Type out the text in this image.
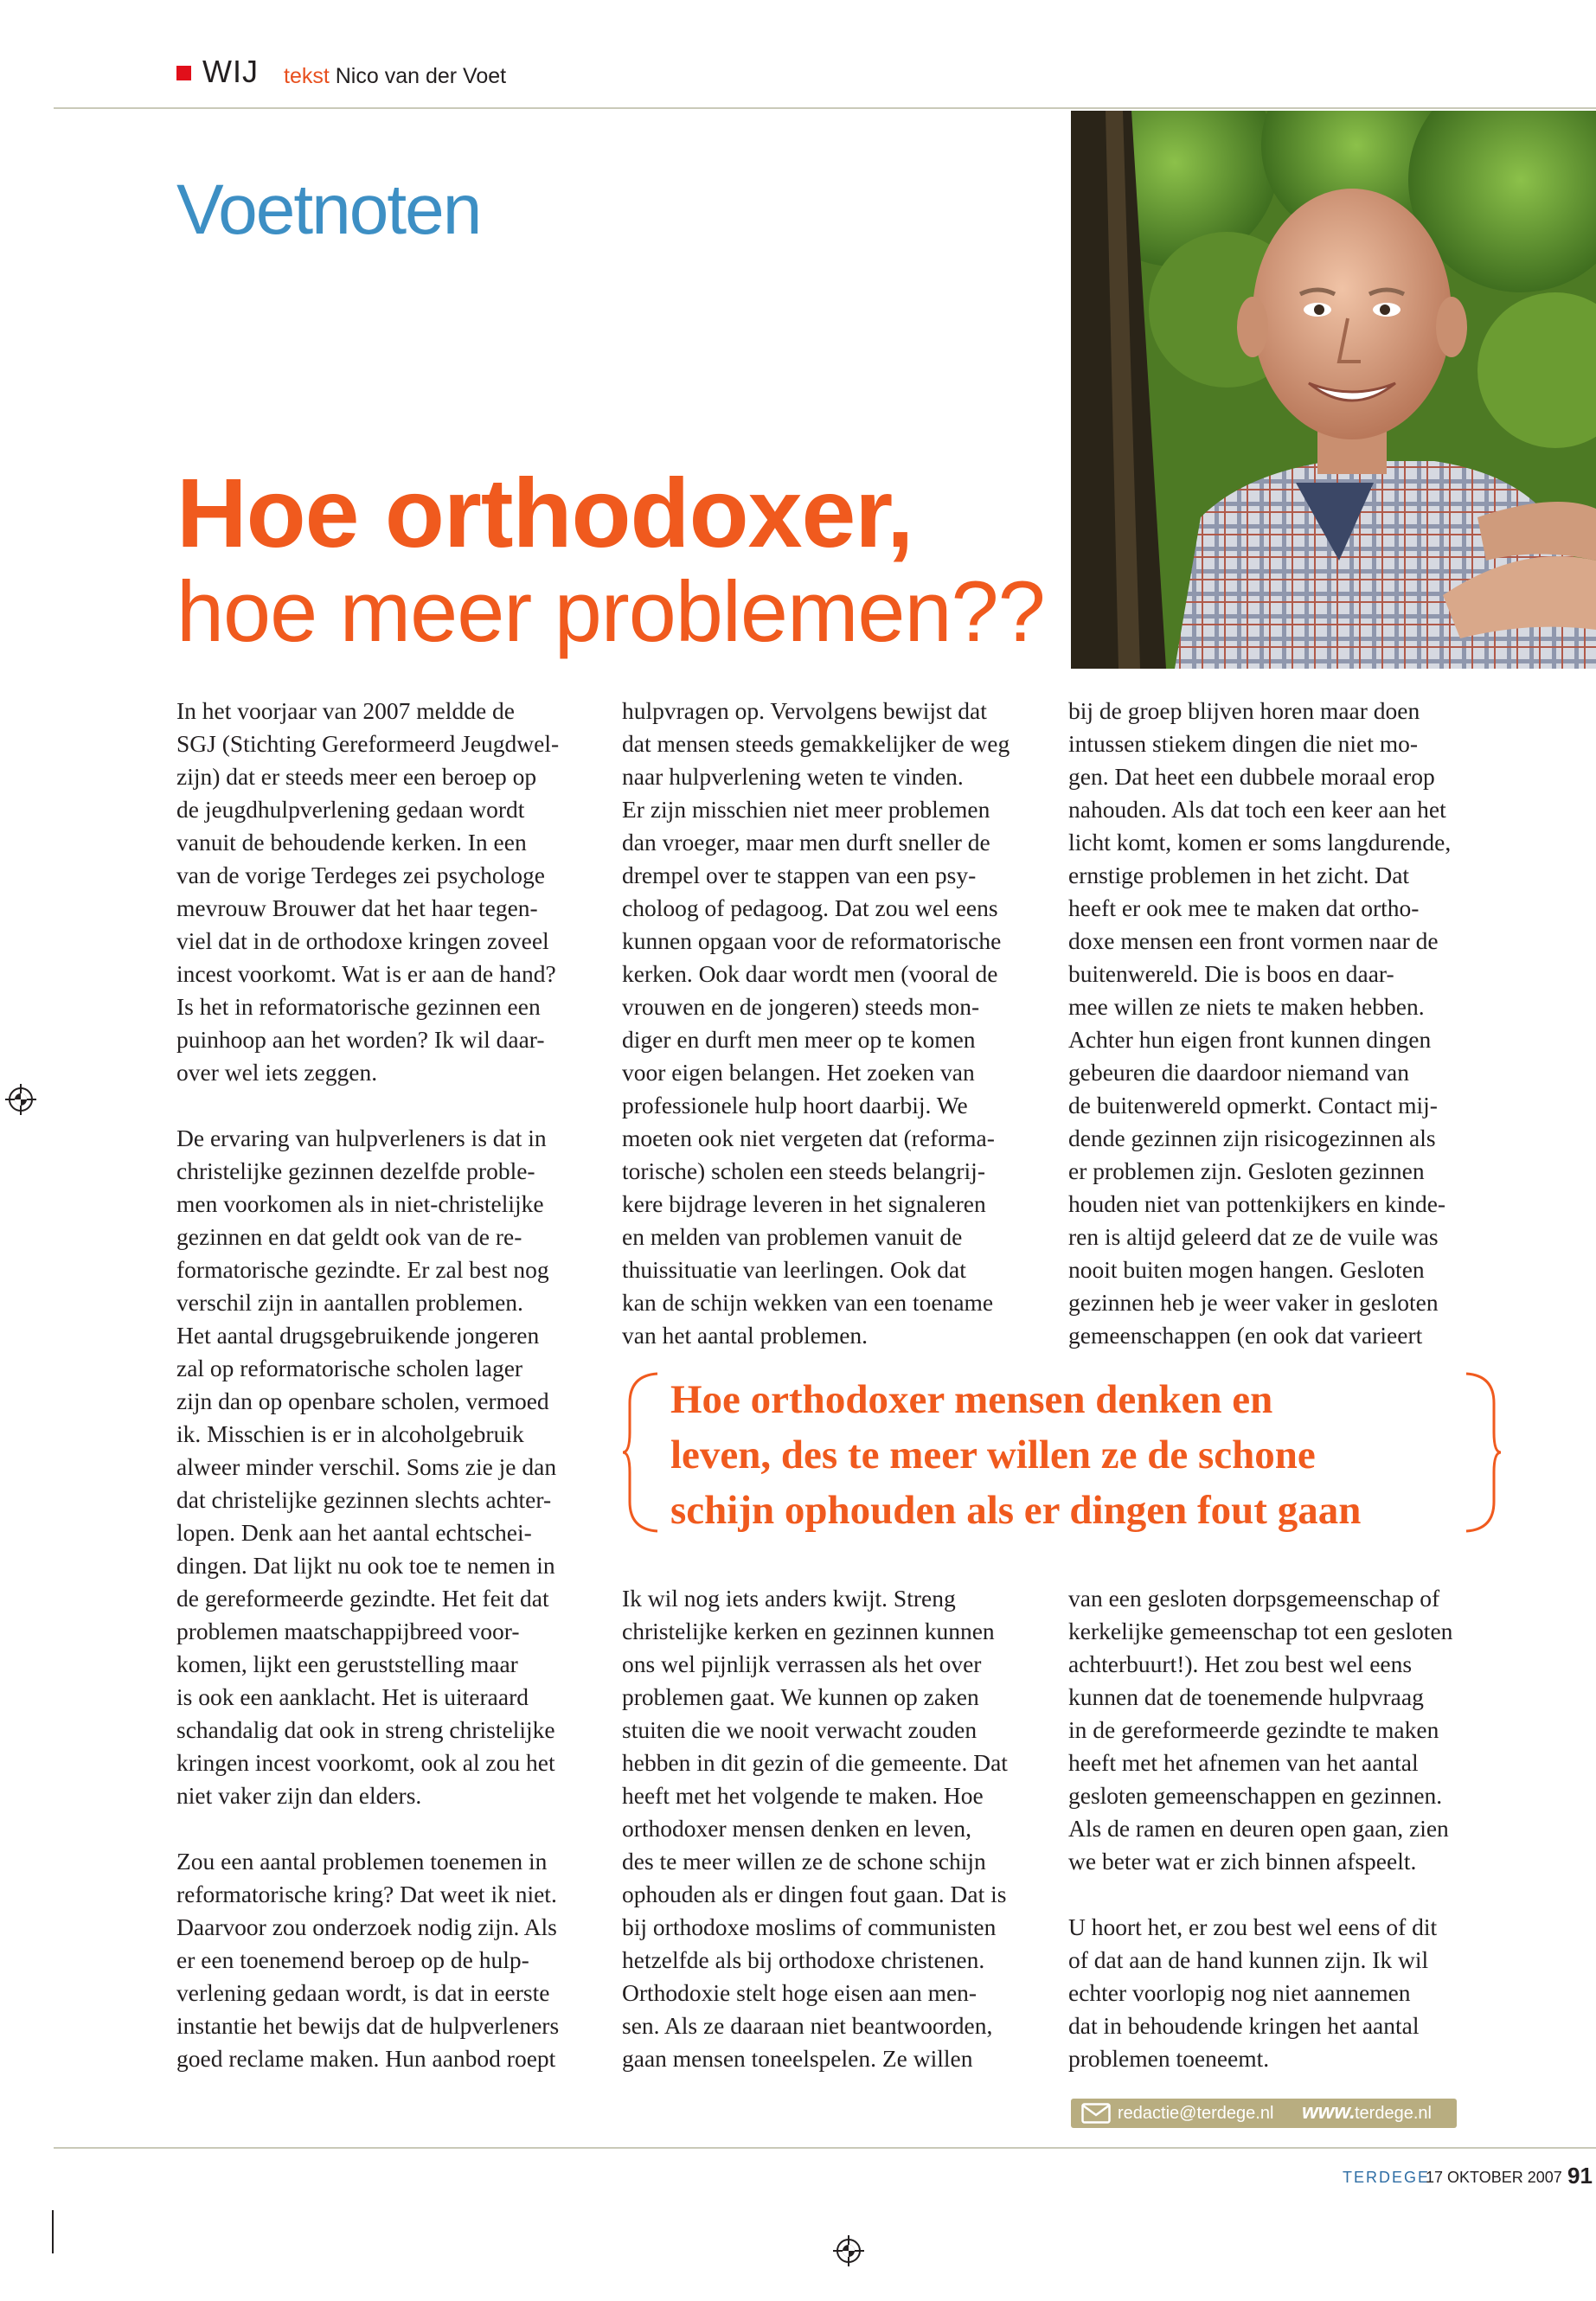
WIJ tekst Nico van der Voet
Voetnoten
Hoe orthodoxer,
hoe meer problemen??
In het voorjaar van 2007 meldde de
SGJ (Stichting Gereformeerd Jeugdwel-
zijn) dat er steeds meer een beroep op
de jeugdhulpverlening gedaan wordt
vanuit de behoudende kerken. In een
van de vorige Terdeges zei psychologe
mevrouw Brouwer dat het haar tegen-
viel dat in de orthodoxe kringen zoveel
incest voorkomt. Wat is er aan de hand?
Is het in reformatorische gezinnen een
puinhoop aan het worden? Ik wil daar-
over wel iets zeggen.
De ervaring van hulpverleners is dat in
christelijke gezinnen dezelfde proble-
men voorkomen als in niet-christelijke
gezinnen en dat geldt ook van de re-
formatorische gezindte. Er zal best nog
verschil zijn in aantallen problemen.
Het aantal drugsgebruikende jongeren
zal op reformatorische scholen lager
zijn dan op openbare scholen, vermoed
ik. Misschien is er in alcoholgebruik
alweer minder verschil. Soms zie je dan
dat christelijke gezinnen slechts achter-
lopen. Denk aan het aantal echtschei-
dingen. Dat lijkt nu ook toe te nemen in
de gereformeerde gezindte. Het feit dat
problemen maatschappijbreed voor-
komen, lijkt een geruststelling maar
is ook een aanklacht. Het is uiteraard
schandalig dat ook in streng christelijke
kringen incest voorkomt, ook al zou het
niet vaker zijn dan elders.
Zou een aantal problemen toenemen in
reformatorische kring? Dat weet ik niet.
Daarvoor zou onderzoek nodig zijn. Als
er een toenemend beroep op de hulp-
verlening gedaan wordt, is dat in eerste
instantie het bewijs dat de hulpverleners
goed reclame maken. Hun aanbod roept
hulpvragen op. Vervolgens bewijst dat
dat mensen steeds gemakkelijker de weg
naar hulpverlening weten te vinden.
Er zijn misschien niet meer problemen
dan vroeger, maar men durft sneller de
drempel over te stappen van een psy-
choloog of pedagoog. Dat zou wel eens
kunnen opgaan voor de reformatorische
kerken. Ook daar wordt men (vooral de
vrouwen en de jongeren) steeds mon-
diger en durft men meer op te komen
voor eigen belangen. Het zoeken van
professionele hulp hoort daarbij. We
moeten ook niet vergeten dat (reforma-
torische) scholen een steeds belangrij-
kere bijdrage leveren in het signaleren
en melden van problemen vanuit de
thuissituatie van leerlingen. Ook dat
kan de schijn wekken van een toename
van het aantal problemen.
bij de groep blijven horen maar doen
intussen stiekem dingen die niet mo-
gen. Dat heet een dubbele moraal erop
nahouden. Als dat toch een keer aan het
licht komt, komen er soms langdurende,
ernstige problemen in het zicht. Dat
heeft er ook mee te maken dat ortho-
doxe mensen een front vormen naar de
buitenwereld. Die is boos en daar-
mee willen ze niets te maken hebben.
Achter hun eigen front kunnen dingen
gebeuren die daardoor niemand van
de buitenwereld opmerkt. Contact mij-
dende gezinnen zijn risicogezinnen als
er problemen zijn. Gesloten gezinnen
houden niet van pottenkijkers en kinde-
ren is altijd geleerd dat ze de vuile was
nooit buiten mogen hangen. Gesloten
gezinnen heb je weer vaker in gesloten
gemeenschappen (en ook dat varieert
Ik wil nog iets anders kwijt. Streng
christelijke kerken en gezinnen kunnen
ons wel pijnlijk verrassen als het over
problemen gaat. We kunnen op zaken
stuiten die we nooit verwacht zouden
hebben in dit gezin of die gemeente. Dat
heeft met het volgende te maken. Hoe
orthodoxer mensen denken en leven,
des te meer willen ze de schone schijn
ophouden als er dingen fout gaan. Dat is
bij orthodoxe moslims of communisten
hetzelfde als bij orthodoxe christenen.
Orthodoxie stelt hoge eisen aan men-
sen. Als ze daaraan niet beantwoorden,
gaan mensen toneelspelen. Ze willen
van een gesloten dorpsgemeenschap of
kerkelijke gemeenschap tot een gesloten
achterbuurt!). Het zou best wel eens
kunnen dat de toenemende hulpvraag
in de gereformeerde gezindte te maken
heeft met het afnemen van het aantal
gesloten gemeenschappen en gezinnen.
Als de ramen en deuren open gaan, zien
we beter wat er zich binnen afspeelt.
U hoort het, er zou best wel eens of dit
of dat aan de hand kunnen zijn. Ik wil
echter voorlopig nog niet aannemen
dat in behoudende kringen het aantal
problemen toeneemt.
Hoe orthodoxer mensen denken en
leven, des te meer willen ze de schone
schijn ophouden als er dingen fout gaan
redactie@terdege.nl www. terdege.nl
TERDEGE
17 OKTOBER 2007 91
